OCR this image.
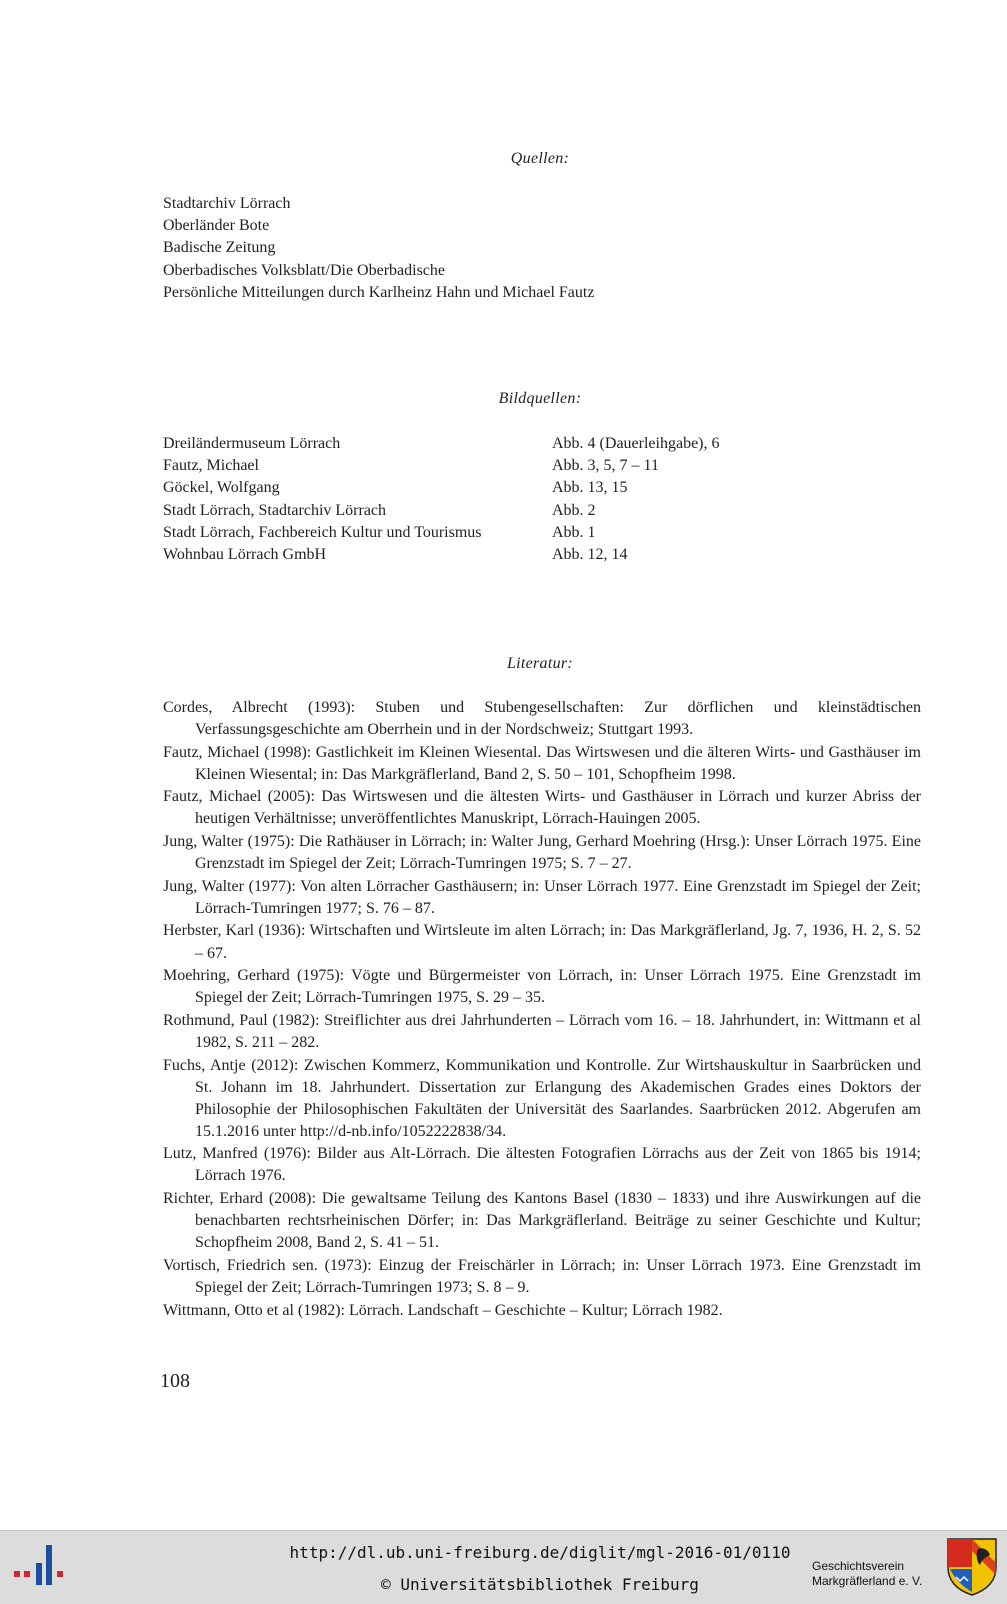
Quellen:
Stadtarchiv Lörrach
Oberländer Bote
Badische Zeitung
Oberbadisches Volksblatt/Die Oberbadische
Persönliche Mitteilungen durch Karlheinz Hahn und Michael Fautz
Bildquellen:
Dreiländermuseum Lörrach	Abb. 4 (Dauerleihgabe), 6
Fautz, Michael	Abb. 3, 5, 7 – 11
Göckel, Wolfgang	Abb. 13, 15
Stadt Lörrach, Stadtarchiv Lörrach	Abb. 2
Stadt Lörrach, Fachbereich Kultur und Tourismus	Abb. 1
Wohnbau Lörrach GmbH	Abb. 12, 14
Literatur:
Cordes, Albrecht (1993): Stuben und Stubengesellschaften: Zur dörflichen und kleinstädtischen Verfassungsgeschichte am Oberrhein und in der Nordschweiz; Stuttgart 1993.
Fautz, Michael (1998): Gastlichkeit im Kleinen Wiesental. Das Wirtswesen und die älteren Wirts- und Gasthäuser im Kleinen Wiesental; in: Das Markgräflerland, Band 2, S. 50 – 101, Schopfheim 1998.
Fautz, Michael (2005): Das Wirtswesen und die ältesten Wirts- und Gasthäuser in Lörrach und kurzer Abriss der heutigen Verhältnisse; unveröffentlichtes Manuskript, Lörrach-Hauingen 2005.
Jung, Walter (1975): Die Rathäuser in Lörrach; in: Walter Jung, Gerhard Moehring (Hrsg.): Unser Lörrach 1975. Eine Grenzstadt im Spiegel der Zeit; Lörrach-Tumringen 1975; S. 7 – 27.
Jung, Walter (1977): Von alten Lörracher Gasthäusern; in: Unser Lörrach 1977. Eine Grenzstadt im Spiegel der Zeit; Lörrach-Tumringen 1977; S. 76 – 87.
Herbster, Karl (1936): Wirtschaften und Wirtsleute im alten Lörrach; in: Das Markgräflerland, Jg. 7, 1936, H. 2, S. 52 – 67.
Moehring, Gerhard (1975): Vögte und Bürgermeister von Lörrach, in: Unser Lörrach 1975. Eine Grenzstadt im Spiegel der Zeit; Lörrach-Tumringen 1975, S. 29 – 35.
Rothmund, Paul (1982): Streiflichter aus drei Jahrhunderten – Lörrach vom 16. – 18. Jahrhundert, in: Wittmann et al 1982, S. 211 – 282.
Fuchs, Antje (2012): Zwischen Kommerz, Kommunikation und Kontrolle. Zur Wirtshauskultur in Saarbrücken und St. Johann im 18. Jahrhundert. Dissertation zur Erlangung des Akademischen Grades eines Doktors der Philosophie der Philosophischen Fakultäten der Universität des Saarlandes. Saarbrücken 2012. Abgerufen am 15.1.2016 unter http://d-nb.info/1052222838/34.
Lutz, Manfred (1976): Bilder aus Alt-Lörrach. Die ältesten Fotografien Lörrachs aus der Zeit von 1865 bis 1914; Lörrach 1976.
Richter, Erhard (2008): Die gewaltsame Teilung des Kantons Basel (1830 – 1833) und ihre Auswirkungen auf die benachbarten rechtsrheinischen Dörfer; in: Das Markgräflerland. Beiträge zu seiner Geschichte und Kultur; Schopfheim 2008, Band 2, S. 41 – 51.
Vortisch, Friedrich sen. (1973): Einzug der Freischärler in Lörrach; in: Unser Lörrach 1973. Eine Grenzstadt im Spiegel der Zeit; Lörrach-Tumringen 1973; S. 8 – 9.
Wittmann, Otto et al (1982): Lörrach. Landschaft – Geschichte – Kultur; Lörrach 1982.
108
http://dl.ub.uni-freiburg.de/diglit/mgl-2016-01/0110
© Universitätsbibliothek Freiburg
Geschichtsverein
Markgräflerland e. V.
